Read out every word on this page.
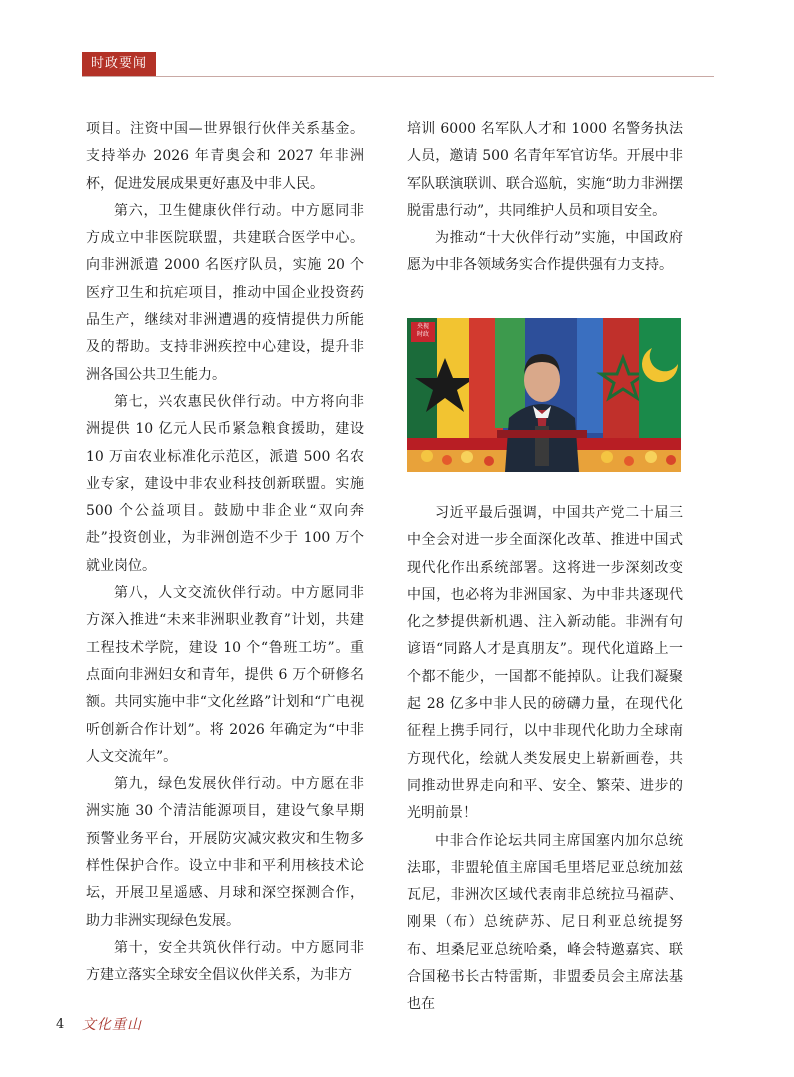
时政要闻

项目。注资中国—世界银行伙伴关系基金。支持举办 2026 年青奥会和 2027 年非洲杯，促进发展成果更好惠及中非人民。

第六，卫生健康伙伴行动。中方愿同非方成立中非医院联盟，共建联合医学中心。向非洲派遣 2000 名医疗队员，实施 20 个医疗卫生和抗疟项目，推动中国企业投资药品生产，继续对非洲遭遇的疫情提供力所能及的帮助。支持非洲疾控中心建设，提升非洲各国公共卫生能力。

第七，兴农惠民伙伴行动。中方将向非洲提供 10 亿元人民币紧急粮食援助，建设 10 万亩农业标准化示范区，派遣 500 名农业专家，建设中非农业科技创新联盟。实施 500 个公益项目。鼓励中非企业“双向奔赴”投资创业，为非洲创造不少于 100 万个就业岗位。

第八，人文交流伙伴行动。中方愿同非方深入推进“未来非洲职业教育”计划，共建工程技术学院，建设 10 个“鲁班工坊”。重点面向非洲妇女和青年，提供 6 万个研修名额。共同实施中非“文化丝路”计划和“广电视听创新合作计划”。将 2026 年确定为“中非人文交流年”。

第九，绿色发展伙伴行动。中方愿在非洲实施 30 个清洁能源项目，建设气象早期预警业务平台，开展防灾减灾救灾和生物多样性保护合作。设立中非和平利用核技术论坛，开展卫星遥感、月球和深空探测合作，助力非洲实现绿色发展。

第十，安全共筑伙伴行动。中方愿同非方建立落实全球安全倡议伙伴关系，为非方

培训 6000 名军队人才和 1000 名警务执法人员，邀请 500 名青年军官访华。开展中非军队联演联训、联合巡航，实施“助力非洲摆脱雷患行动”，共同维护人员和项目安全。

为推动“十大伙伴行动”实施，中国政府愿为中非各领域务实合作提供强有力支持。

央视
时政

习近平最后强调，中国共产党二十届三中全会对进一步全面深化改革、推进中国式现代化作出系统部署。这将进一步深刻改变中国，也必将为非洲国家、为中非共逐现代化之梦提供新机遇、注入新动能。非洲有句谚语“同路人才是真朋友”。现代化道路上一个都不能少，一国都不能掉队。让我们凝聚起 28 亿多中非人民的磅礴力量，在现代化征程上携手同行，以中非现代化助力全球南方现代化，绘就人类发展史上崭新画卷，共同推动世界走向和平、安全、繁荣、进步的光明前景！

中非合作论坛共同主席国塞内加尔总统法耶，非盟轮值主席国毛里塔尼亚总统加兹瓦尼，非洲次区域代表南非总统拉马福萨、刚果（布）总统萨苏、尼日利亚总统提努布、坦桑尼亚总统哈桑，峰会特邀嘉宾、联合国秘书长古特雷斯，非盟委员会主席法基也在

4 文化重山
